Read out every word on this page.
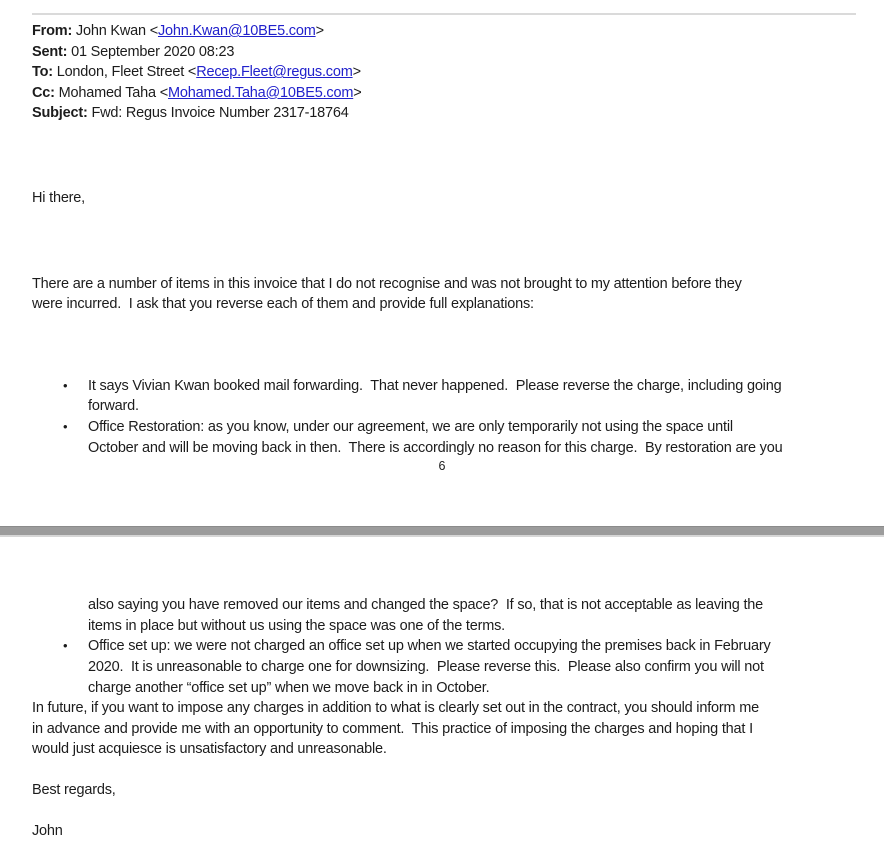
From: John Kwan <John.Kwan@10BE5.com>
Sent: 01 September 2020 08:23
To: London, Fleet Street <Recep.Fleet@regus.com>
Cc: Mohamed Taha <Mohamed.Taha@10BE5.com>
Subject: Fwd: Regus Invoice Number 2317-18764
Hi there,
There are a number of items in this invoice that I do not recognise and was not brought to my attention before they
were incurred.  I ask that you reverse each of them and provide full explanations:
•	It says Vivian Kwan booked mail forwarding.  That never happened.  Please reverse the charge, including going
forward.
•	Office Restoration: as you know, under our agreement, we are only temporarily not using the space until
October and will be moving back in then.  There is accordingly no reason for this charge.  By restoration are you
6
also saying you have removed our items and changed the space?  If so, that is not acceptable as leaving the
items in place but without us using the space was one of the terms.
•	Office set up: we were not charged an office set up when we started occupying the premises back in February
2020.  It is unreasonable to charge one for downsizing.  Please reverse this.  Please also confirm you will not
charge another “office set up” when we move back in in October.
In future, if you want to impose any charges in addition to what is clearly set out in the contract, you should inform me
in advance and provide me with an opportunity to comment.  This practice of imposing the charges and hoping that I
would just acquiesce is unsatisfactory and unreasonable.
Best regards,
John
